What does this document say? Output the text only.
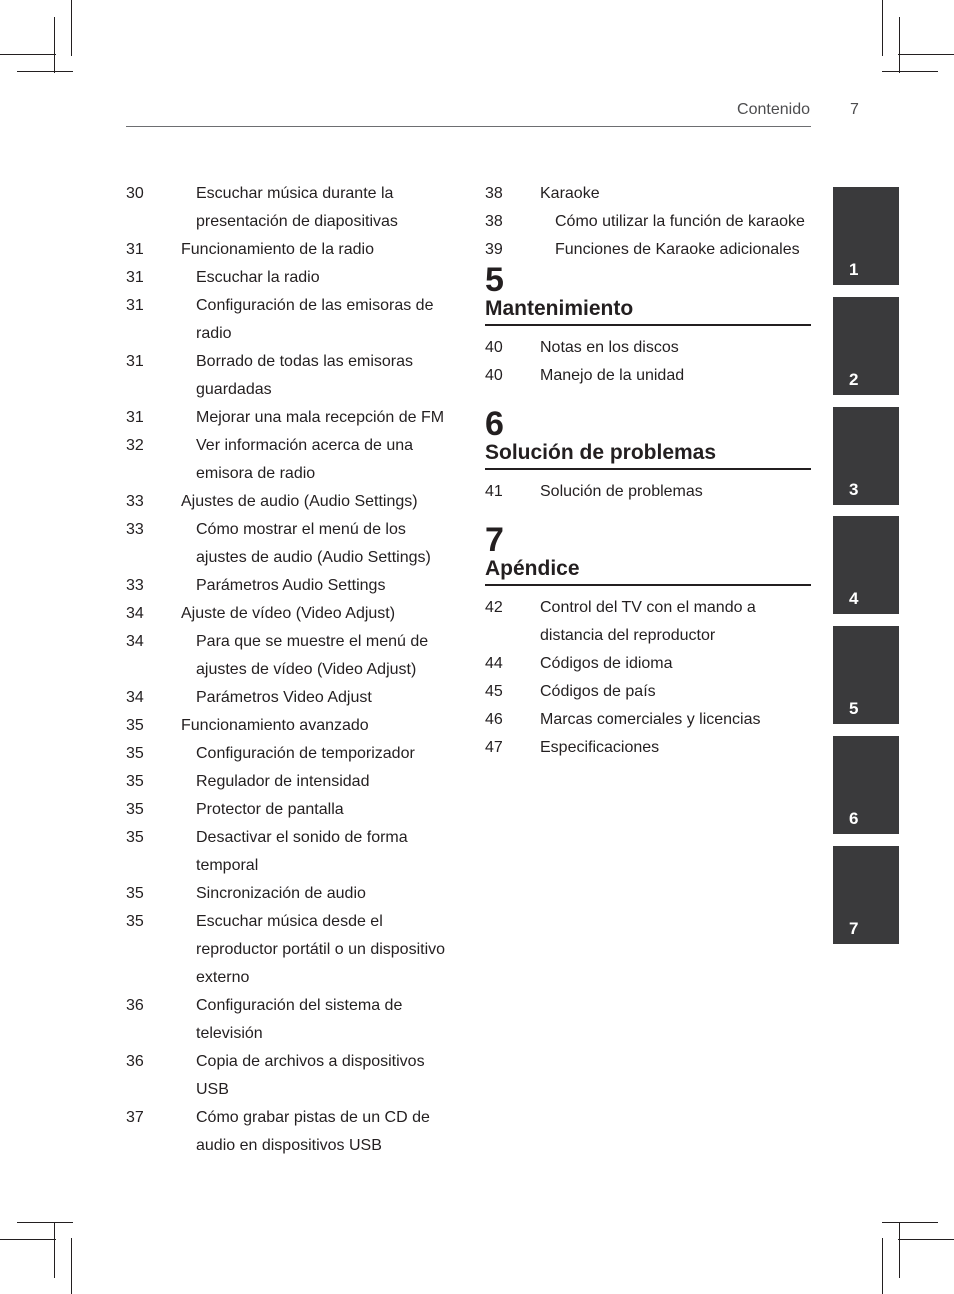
Contenido	7
30	Escuchar música durante la presentación de diapositivas
31	Funcionamiento de la radio
31	Escuchar la radio
31	Configuración de las emisoras de radio
31	Borrado de todas las emisoras guardadas
31	Mejorar una mala recepción de FM
32	Ver información acerca de una emisora de radio
33	Ajustes de audio (Audio Settings)
33	Cómo mostrar el menú de los ajustes de audio (Audio Settings)
33	Parámetros Audio Settings
34	Ajuste de vídeo (Video Adjust)
34	Para que se muestre el menú de ajustes de vídeo (Video Adjust)
34	Parámetros Video Adjust
35	Funcionamiento avanzado
35	Configuración de temporizador
35	Regulador de intensidad
35	Protector de pantalla
35	Desactivar el sonido de forma temporal
35	Sincronización de audio
35	Escuchar música desde el reproductor portátil o un dispositivo externo
36	Configuración del sistema de televisión
36	Copia de archivos a dispositivos USB
37	Cómo grabar pistas de un CD de audio en dispositivos USB
38	Karaoke
38	Cómo utilizar la función de karaoke
39	Funciones de Karaoke adicionales
5
Mantenimiento
40	Notas en los discos
40	Manejo de la unidad
6
Solución de problemas
41	Solución de problemas
7
Apéndice
42	Control del TV con el mando a distancia del reproductor
44	Códigos de idioma
45	Códigos de país
46	Marcas comerciales y licencias
47	Especificaciones
1
2
3
4
5
6
7
